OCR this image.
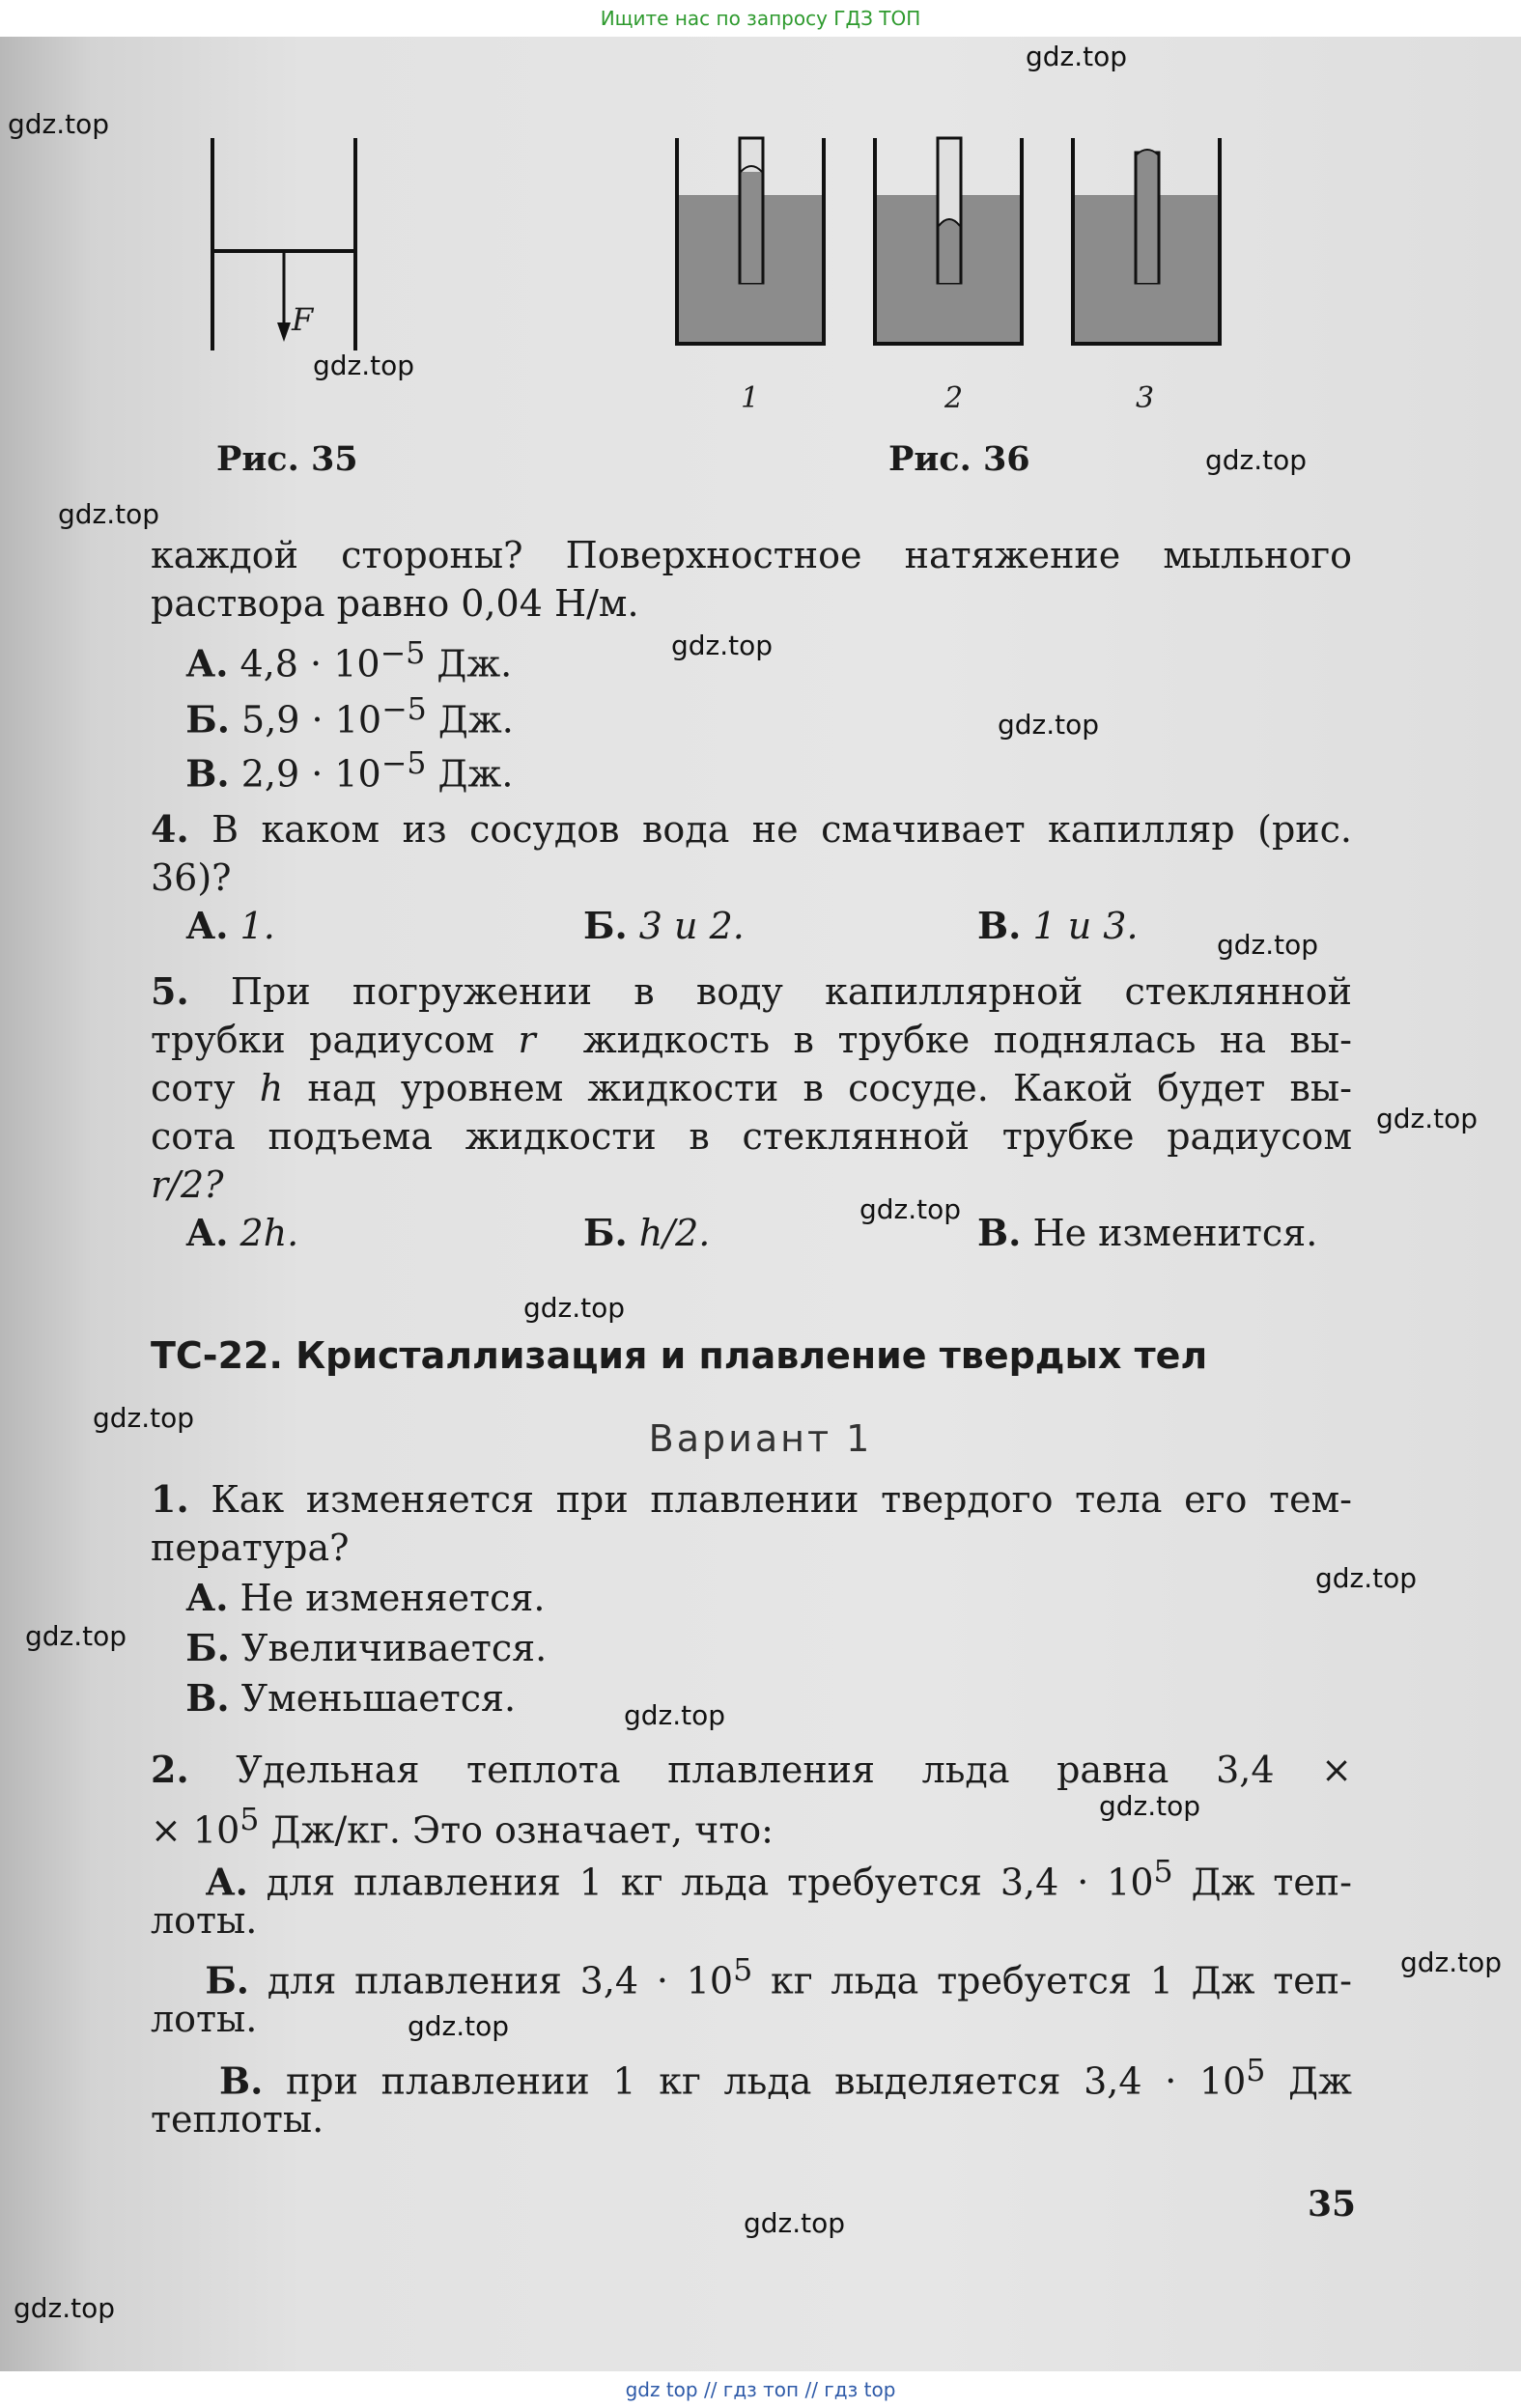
Ищите нас по запросу ГДЗ ТОП
F
Рис. 35
1	2	3
Рис. 36
каждой стороны? Поверхностное натяжение мыльного
раствора равно 0,04 Н/м.
А. $4,8 \cdot 10^{-5}$ Дж.
Б. $5,9 \cdot 10^{-5}$ Дж.
В. $2,9 \cdot 10^{-5}$ Дж.
4. В каком из сосудов вода не смачивает капилляр (рис.
36)?
А. 1.	Б. 3 и 2.	В. 1 и 3.
5. При погружении в воду капиллярной стеклянной
трубки радиусом r жидкость в трубке поднялась на вы-
соту h над уровнем жидкости в сосуде. Какой будет вы-
сота подъема жидкости в стеклянной трубке радиусом
r/2?
А. 2h.	Б. h/2.	В. Не изменится.
ТС-22. Кристаллизация и плавление твердых тел
Вариант 1
1. Как изменяется при плавлении твердого тела его тем-
пература?
А. Не изменяется.
Б. Увеличивается.
В. Уменьшается.
2. Удельная теплота плавления льда равна 3,4 ×
× $10^5$ Дж/кг. Это означает, что:
А. для плавления 1 кг льда требуется $3,4 \cdot 10^5$ Дж теп-
лоты.
Б. для плавления $3,4 \cdot 10^5$ кг льда требуется 1 Дж теп-
лоты.
В. при плавлении 1 кг льда выделяется $3,4 \cdot 10^5$ Дж
теплоты.
35
gdz.top
gdz.top
gdz.top
gdz.top
gdz.top
gdz.top
gdz.top
gdz.top
gdz.top
gdz.top
gdz.top
gdz.top
gdz.top
gdz.top
gdz.top
gdz.top
gdz.top
gdz.top
gdz.top
gdz.top
gdz top // гдз топ // гдз top
